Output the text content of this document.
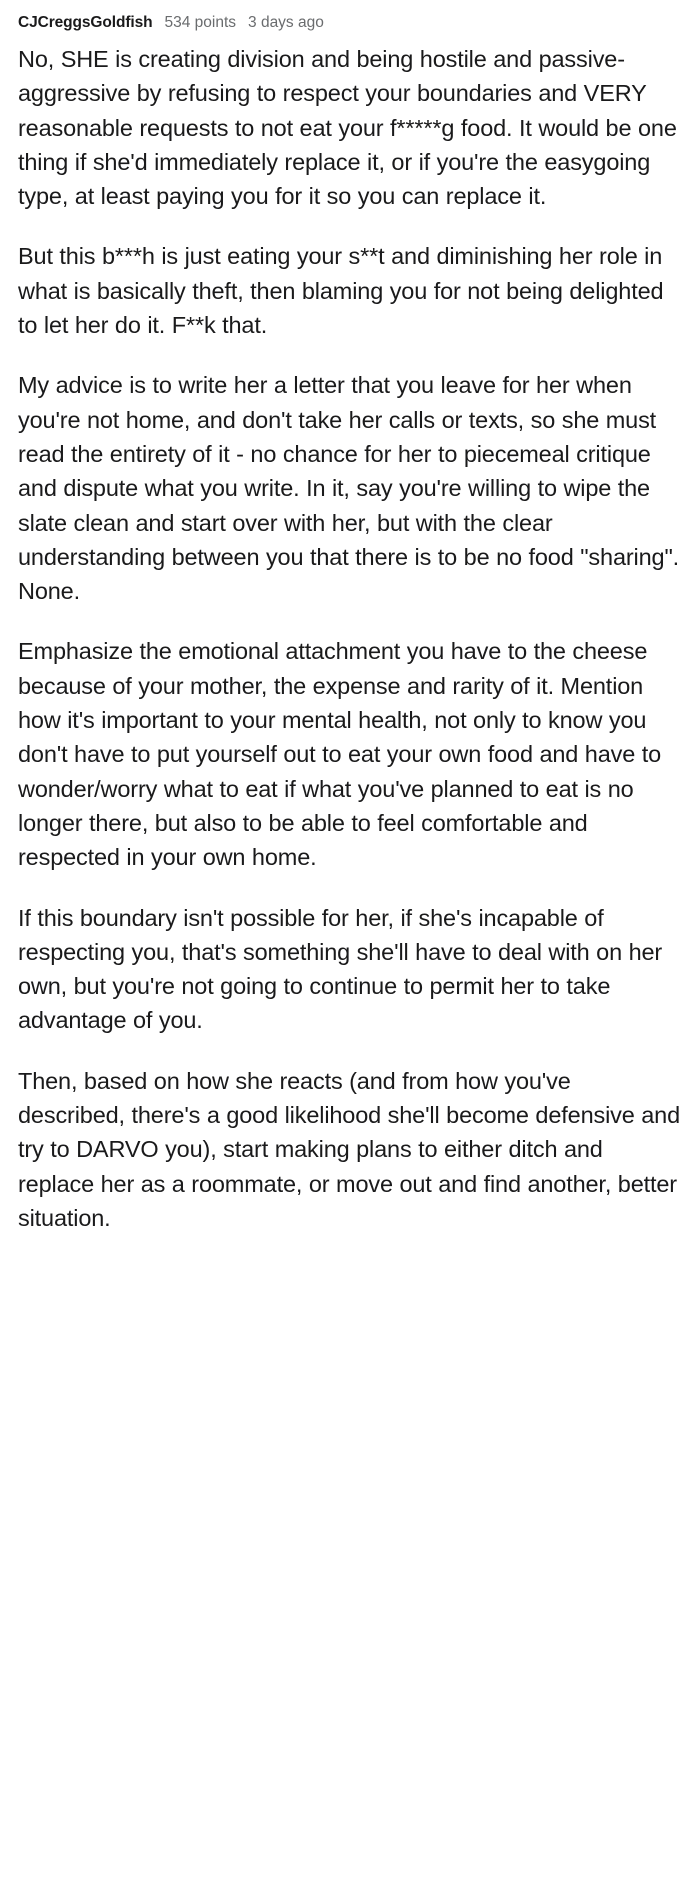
CJCreggsGoldfish 534 points 3 days ago

No, SHE is creating division and being hostile and passive-aggressive by refusing to respect your boundaries and VERY reasonable requests to not eat your f*****g food. It would be one thing if she'd immediately replace it, or if you're the easygoing type, at least paying you for it so you can replace it.

But this b***h is just eating your s**t and diminishing her role in what is basically theft, then blaming you for not being delighted to let her do it. F**k that.

My advice is to write her a letter that you leave for her when you're not home, and don't take her calls or texts, so she must read the entirety of it - no chance for her to piecemeal critique and dispute what you write. In it, say you're willing to wipe the slate clean and start over with her, but with the clear understanding between you that there is to be no food "sharing". None.

Emphasize the emotional attachment you have to the cheese because of your mother, the expense and rarity of it. Mention how it's important to your mental health, not only to know you don't have to put yourself out to eat your own food and have to wonder/worry what to eat if what you've planned to eat is no longer there, but also to be able to feel comfortable and respected in your own home.

If this boundary isn't possible for her, if she's incapable of respecting you, that's something she'll have to deal with on her own, but you're not going to continue to permit her to take advantage of you.

Then, based on how she reacts (and from how you've described, there's a good likelihood she'll become defensive and try to DARVO you), start making plans to either ditch and replace her as a roommate, or move out and find another, better situation.
